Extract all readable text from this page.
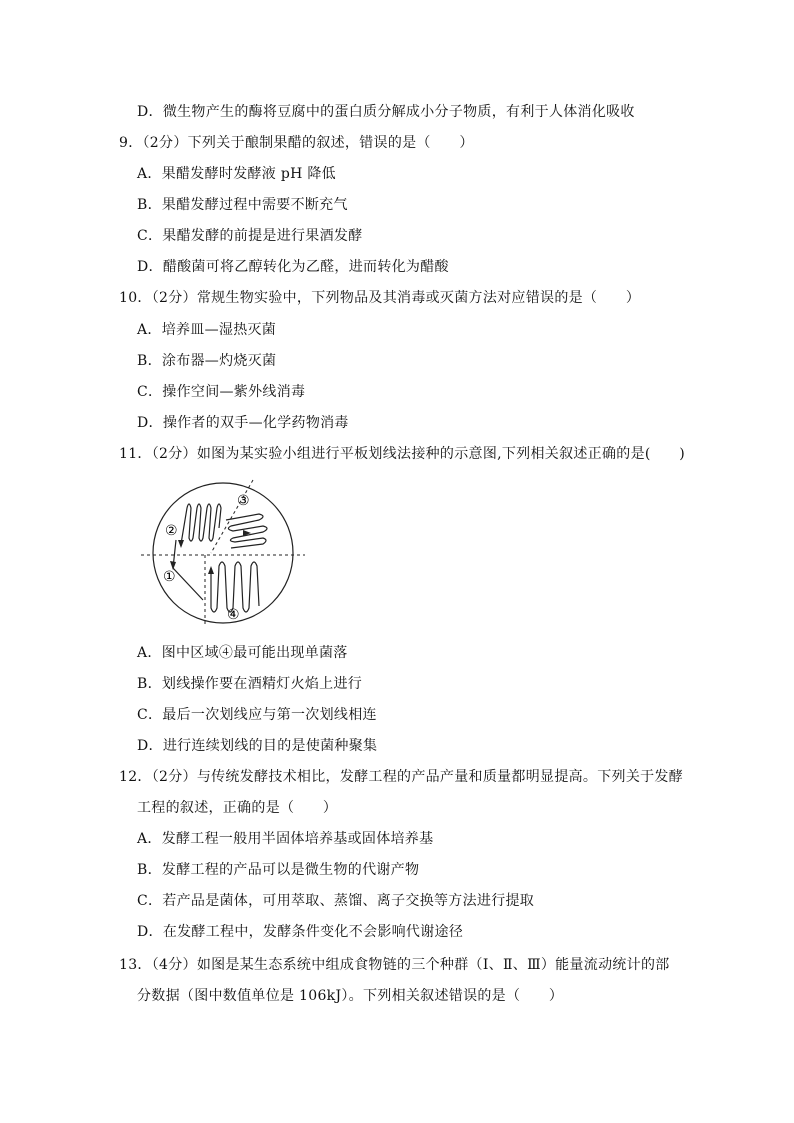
D．微生物产生的酶将豆腐中的蛋白质分解成小分子物质，有利于人体消化吸收
9．（2分）下列关于酿制果醋的叙述，错误的是（　　）
A．果醋发酵时发酵液 pH 降低
B．果醋发酵过程中需要不断充气
C．果醋发酵的前提是进行果酒发酵
D．醋酸菌可将乙醇转化为乙醛，进而转化为醋酸
10．（2分）常规生物实验中，下列物品及其消毒或灭菌方法对应错误的是（　　）
A．培养皿—湿热灭菌
B．涂布器—灼烧灭菌
C．操作空间—紫外线消毒
D．操作者的双手—化学药物消毒
11．（2分）如图为某实验小组进行平板划线法接种的示意图,下列相关叙述正确的是(　　)
②
①
③
④
A．图中区域④最可能出现单菌落
B．划线操作要在酒精灯火焰上进行
C．最后一次划线应与第一次划线相连
D．进行连续划线的目的是使菌种聚集
12．（2分）与传统发酵技术相比，发酵工程的产品产量和质量都明显提高。下列关于发酵
工程的叙述，正确的是（　　）
A．发酵工程一般用半固体培养基或固体培养基
B．发酵工程的产品可以是微生物的代谢产物
C．若产品是菌体，可用萃取、蒸馏、离子交换等方法进行提取
D．在发酵工程中，发酵条件变化不会影响代谢途径
13．（4分）如图是某生态系统中组成食物链的三个种群（Ⅰ、Ⅱ、Ⅲ）能量流动统计的部
分数据（图中数值单位是 106kJ）。下列相关叙述错误的是（　　）
